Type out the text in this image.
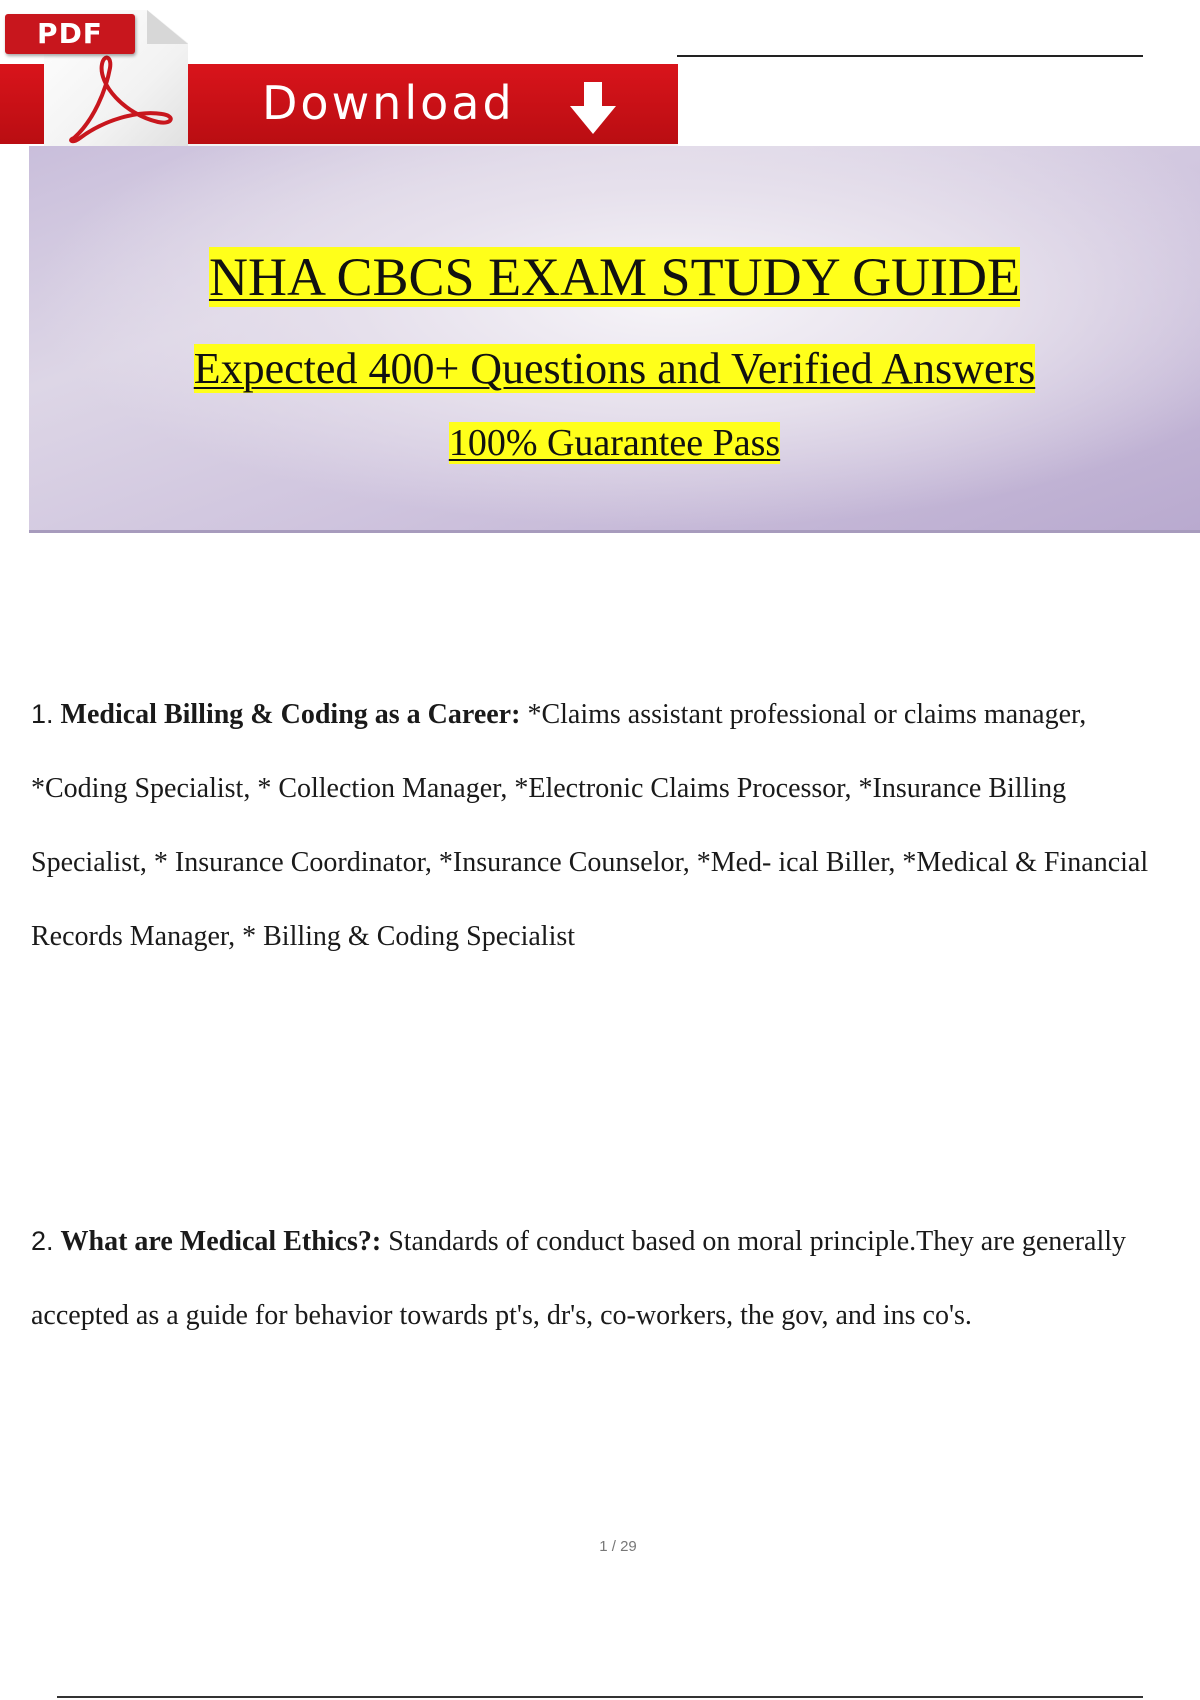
Download
PDF
NHA CBCS EXAM STUDY GUIDE
Expected 400+ Questions and Verified Answers
100% Guarantee Pass
1. Medical Billing & Coding as a Career: *Claims assistant professional or claims manager, *Coding Specialist, * Collection Manager, *Electronic Claims Processor, *Insurance Billing Specialist, * Insurance Coordinator, *Insurance Counselor, *Med- ical Biller, *Medical & Financial Records Manager, * Billing & Coding Specialist
2. What are Medical Ethics?: Standards of conduct based on moral principle.They are generally accepted as a guide for behavior towards pt's, dr's, co-workers, the gov, and ins co's.
1 / 29
